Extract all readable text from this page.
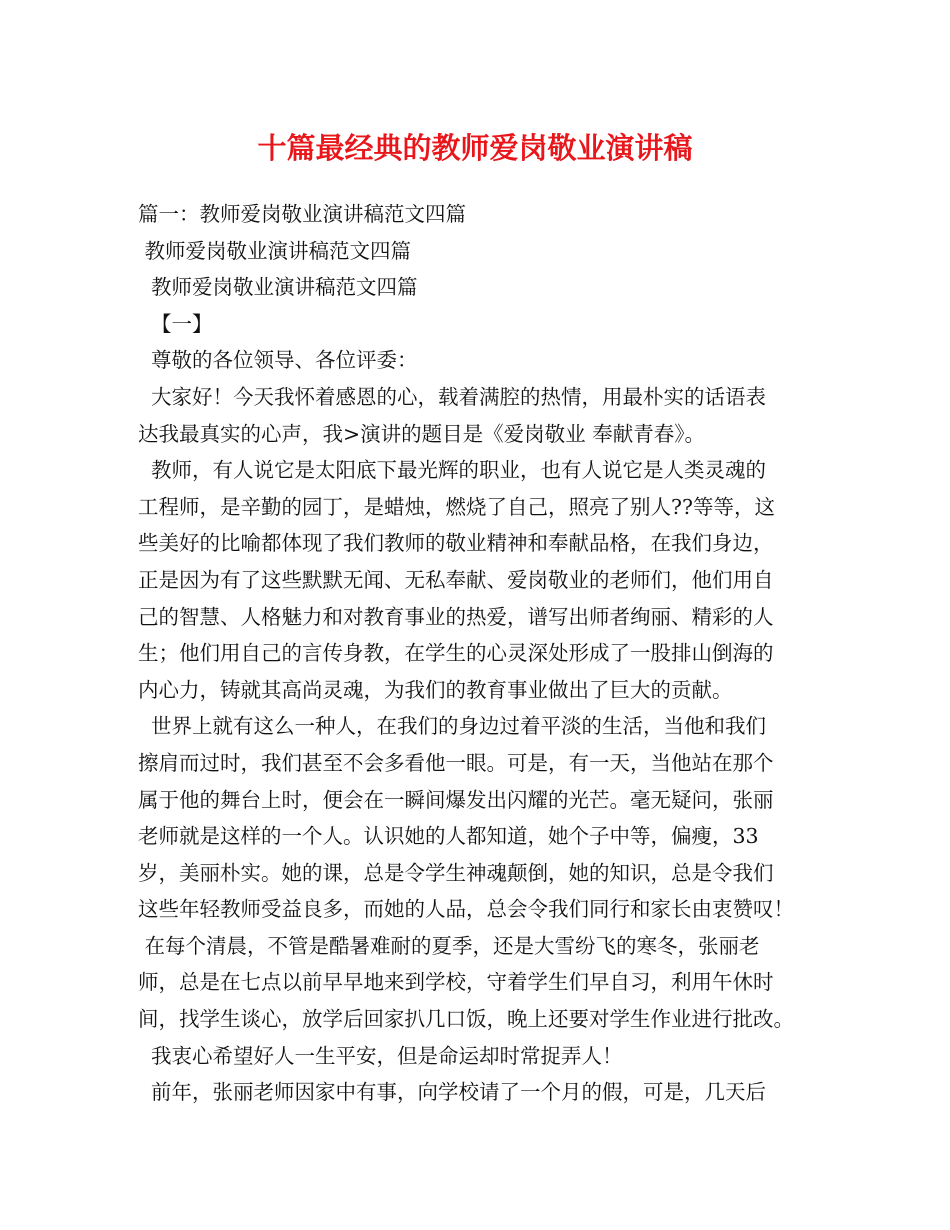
十篇最经典的教师爱岗敬业演讲稿

篇一：教师爱岗敬业演讲稿范文四篇

教师爱岗敬业演讲稿范文四篇

教师爱岗敬业演讲稿范文四篇

【一】

尊敬的各位领导、各位评委：

大家好！今天我怀着感恩的心，载着满腔的热情，用最朴实的话语表

达我最真实的心声，我>演讲的题目是《爱岗敬业 奉献青春》。

教师，有人说它是太阳底下最光辉的职业，也有人说它是人类灵魂的

工程师，是辛勤的园丁，是蜡烛，燃烧了自己，照亮了别人??等等，这

些美好的比喻都体现了我们教师的敬业精神和奉献品格，在我们身边，

正是因为有了这些默默无闻、无私奉献、爱岗敬业的老师们，他们用自

己的智慧、人格魅力和对教育事业的热爱，谱写出师者绚丽、精彩的人

生；他们用自己的言传身教，在学生的心灵深处形成了一股排山倒海的

内心力，铸就其高尚灵魂，为我们的教育事业做出了巨大的贡献。

世界上就有这么一种人，在我们的身边过着平淡的生活，当他和我们

擦肩而过时，我们甚至不会多看他一眼。可是，有一天，当他站在那个

属于他的舞台上时，便会在一瞬间爆发出闪耀的光芒。毫无疑问，张丽

老师就是这样的一个人。认识她的人都知道，她个子中等，偏瘦，33

岁，美丽朴实。她的课，总是令学生神魂颠倒，她的知识，总是令我们

这些年轻教师受益良多，而她的人品，总会令我们同行和家长由衷赞叹！

在每个清晨，不管是酷暑难耐的夏季，还是大雪纷飞的寒冬，张丽老

师，总是在七点以前早早地来到学校，守着学生们早自习，利用午休时

间，找学生谈心，放学后回家扒几口饭，晚上还要对学生作业进行批改。

我衷心希望好人一生平安，但是命运却时常捉弄人！

前年，张丽老师因家中有事，向学校请了一个月的假，可是，几天后
